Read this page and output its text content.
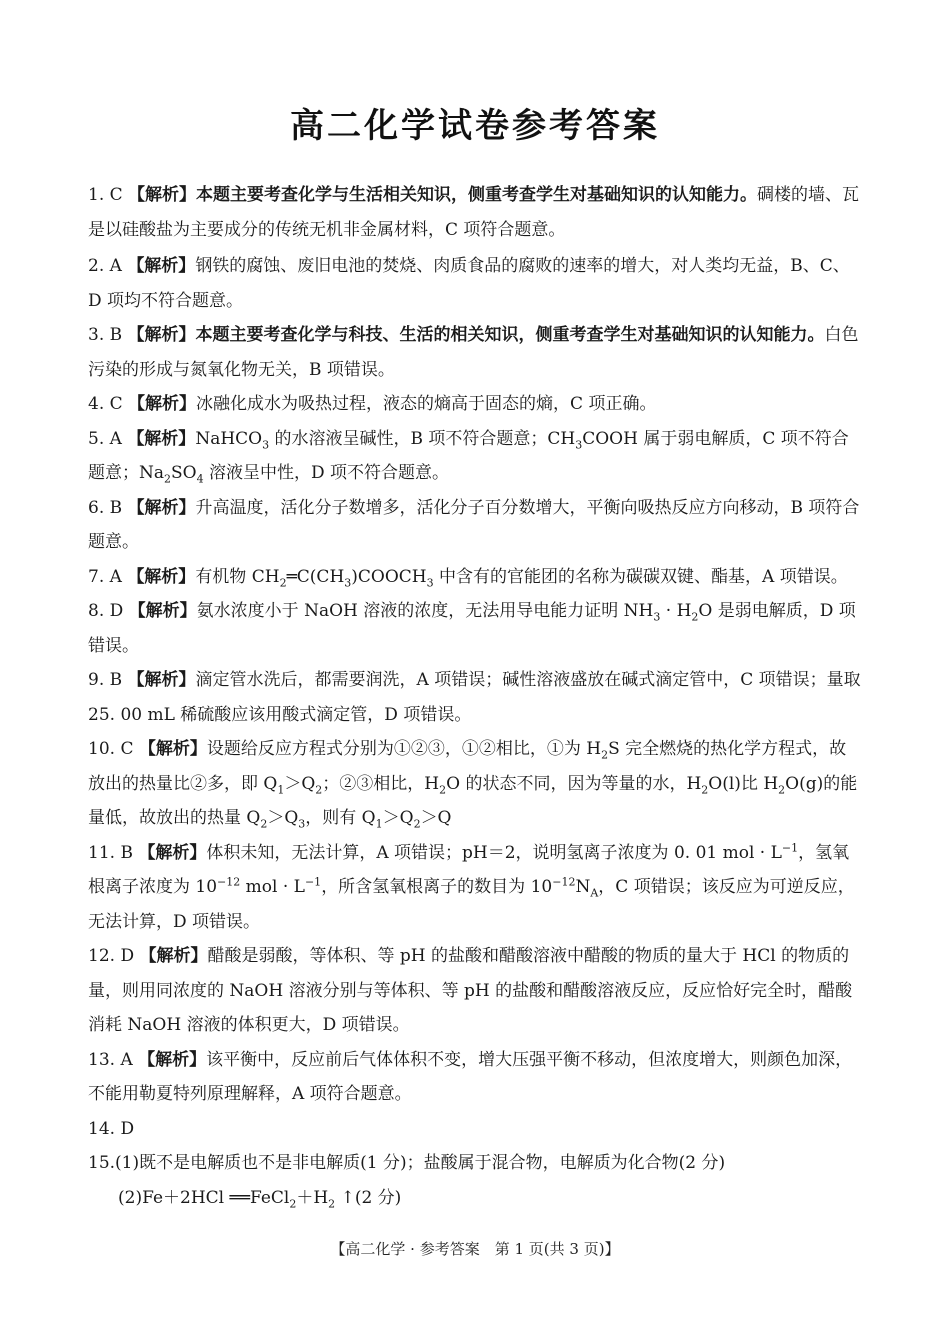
高二化学试卷参考答案
1. C 【解析】本题主要考查化学与生活相关知识，侧重考查学生对基础知识的认知能力。碉楼的墙、瓦是以硅酸盐为主要成分的传统无机非金属材料，C 项符合题意。
2. A 【解析】钢铁的腐蚀、废旧电池的焚烧、肉质食品的腐败的速率的增大，对人类均无益，B、C、D 项均不符合题意。
3. B 【解析】本题主要考查化学与科技、生活的相关知识，侧重考查学生对基础知识的认知能力。白色污染的形成与氮氧化物无关，B 项错误。
4. C 【解析】冰融化成水为吸热过程，液态的熵高于固态的熵，C 项正确。
5. A 【解析】NaHCO$_3$ 的水溶液呈碱性，B 项不符合题意；$CH_3COOH$ 属于弱电解质，C 项不符合题意；$Na_2SO_4$ 溶液呈中性，D 项不符合题意。
6. B 【解析】升高温度，活化分子数增多，活化分子百分数增大，平衡向吸热反应方向移动，B 项符合题意。
7. A 【解析】有机物 $CH_2═C(CH_3)COOCH_3$ 中含有的官能团的名称为碳碳双键、酯基，A 项错误。
8. D 【解析】氨水浓度小于 NaOH 溶液的浓度，无法用导电能力证明 $NH_3 \cdot H_2O$ 是弱电解质，D 项错误。
9. B 【解析】滴定管水洗后，都需要润洗，A 项错误；碱性溶液盛放在碱式滴定管中，C 项错误；量取 25. 00 mL 稀硫酸应该用酸式滴定管，D 项错误。
10. C 【解析】设题给反应方程式分别为①②③，①②相比，①为 $H_2S$ 完全燃烧的热化学方程式，故放出的热量比②多，即 $Q_1>Q_2$；②③相比，$H_2O$ 的状态不同，因为等量的水，$H_2O(l)$比 $H_2O(g)$的能量低，故放出的热量 $Q_2>Q_3$，则有 $Q_1>Q_2>Q$
11. B 【解析】体积未知，无法计算，A 项错误；pH＝2，说明氢离子浓度为 0. 01 mol · $L^{-1}$，氢氧根离子浓度为 $10^{-12}$ mol · $L^{-1}$，所含氢氧根离子的数目为 $10^{-12}N_A$，C 项错误；该反应为可逆反应，无法计算，D 项错误。
12. D 【解析】醋酸是弱酸，等体积、等 pH 的盐酸和醋酸溶液中醋酸的物质的量大于 HCl 的物质的量，则用同浓度的 NaOH 溶液分别与等体积、等 pH 的盐酸和醋酸溶液反应，反应恰好完全时，醋酸消耗 NaOH 溶液的体积更大，D 项错误。
13. A 【解析】该平衡中，反应前后气体体积不变，增大压强平衡不移动，但浓度增大，则颜色加深，不能用勒夏特列原理解释，A 项符合题意。
14. D
15.(1)既不是电解质也不是非电解质(1 分)；盐酸属于混合物，电解质为化合物(2 分)
(2)Fe＋2HCl $══FeCl_2+H_2$ ↑(2 分)
【高二化学 · 参考答案　第 1 页(共 3 页)】
